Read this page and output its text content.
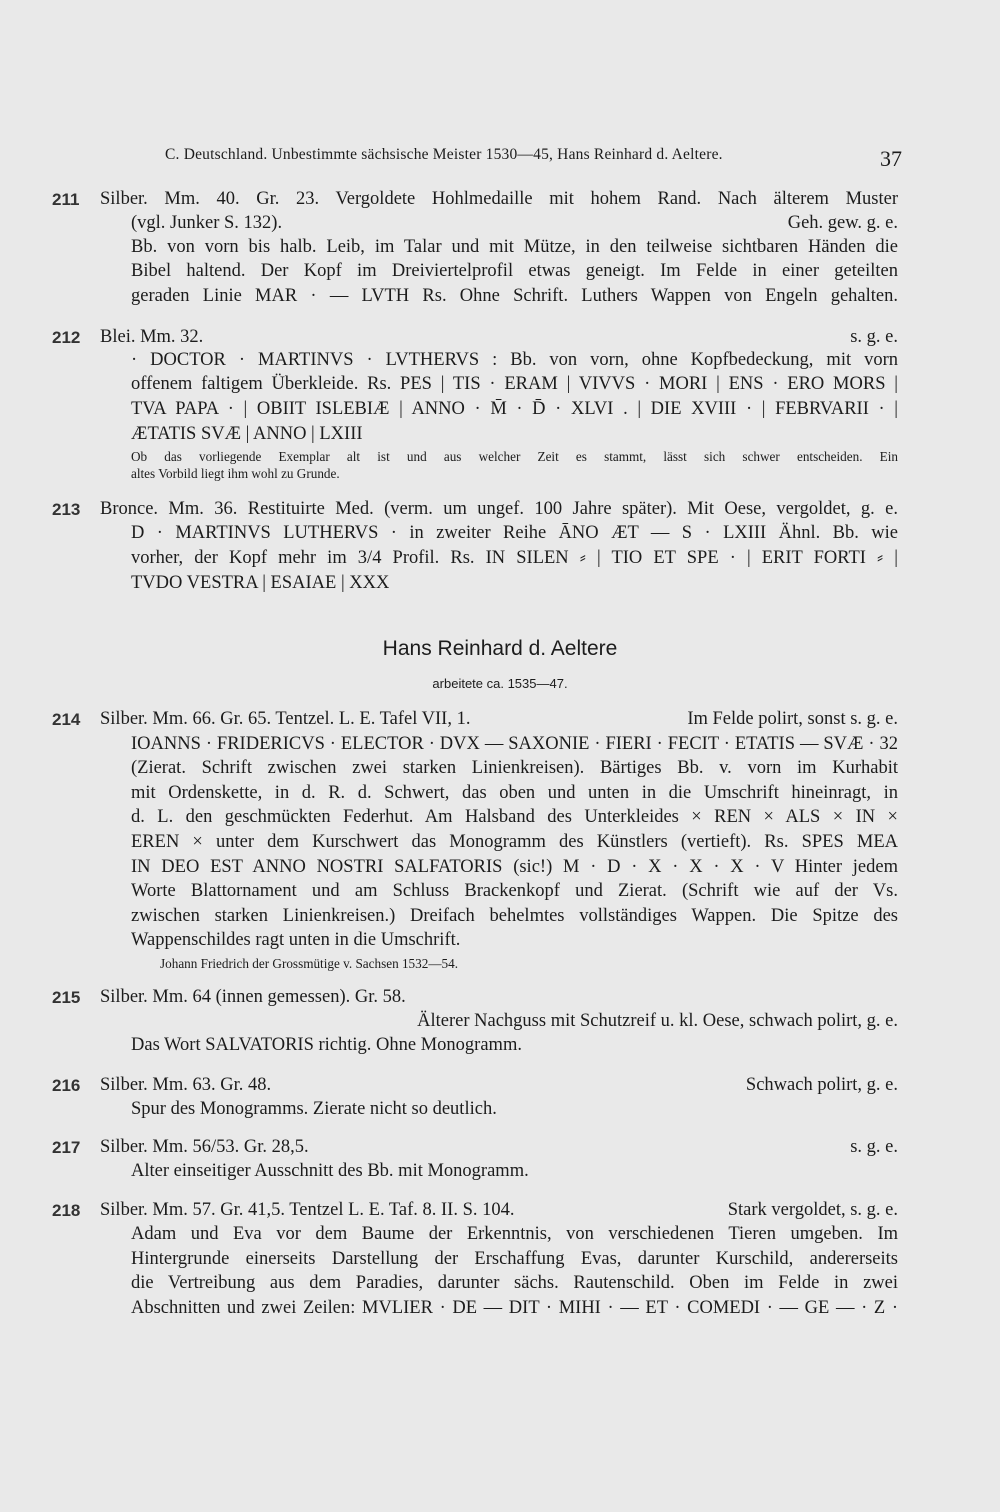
C. Deutschland. Unbestimmte sächsische Meister 1530—45, Hans Reinhard d. Aeltere.	37
211 Silber. Mm. 40. Gr. 23. Vergoldete Hohlmedaille mit hohem Rand. Nach älterem Muster
(vgl. Junker S. 132).	Geh. gew. g. e.
Bb. von vorn bis halb. Leib, im Talar und mit Mütze, in den teilweise sichtbaren Händen die
Bibel haltend. Der Kopf im Dreiviertelprofil etwas geneigt. Im Felde in einer geteilten
geraden Linie MAR · — LVTH Rs. Ohne Schrift. Luthers Wappen von Engeln gehalten.
212 Blei. Mm. 32.	s. g. e.
· DOCTOR · MARTINVS · LVTHERVS : Bb. von vorn, ohne Kopfbedeckung, mit vorn
offenem faltigem Überkleide. Rs. PES | TIS · ERAM | VIVVS · MORI | ENS · ERO MORS |
TVA PAPA · | OBIIT ISLEBIÆ | ANNO · M̄ · D̄ · XLVI . | DIE XVIII · | FEBRVARII · |
ÆTATIS SVÆ | ANNO | LXIII
Ob das vorliegende Exemplar alt ist und aus welcher Zeit es stammt, lässt sich schwer entscheiden. Ein
altes Vorbild liegt ihm wohl zu Grunde.
213 Bronce. Mm. 36. Restituirte Med. (verm. um ungef. 100 Jahre später). Mit Oese, vergoldet, g. e.
D · MARTINVS LUTHERVS · in zweiter Reihe ĀNO ÆT — S · LXIII Ähnl. Bb. wie
vorher, der Kopf mehr im 3/4 Profil. Rs. IN SILEN ⸗ | TIO ET SPE · | ERIT FORTI ⸗ |
TVDO VESTRA | ESAIAE | XXX
Hans Reinhard d. Aeltere
arbeitete ca. 1535—47.
214 Silber. Mm. 66. Gr. 65. Tentzel. L. E. Tafel VII, 1.	Im Felde polirt, sonst s. g. e.
IOANNS · FRIDERICVS · ELECTOR · DVX — SAXONIE · FIERI · FECIT · ETATIS — SVÆ · 32
(Zierat. Schrift zwischen zwei starken Linienkreisen). Bärtiges Bb. v. vorn im Kurhabit
mit Ordenskette, in d. R. d. Schwert, das oben und unten in die Umschrift hineinragt, in
d. L. den geschmückten Federhut. Am Halsband des Unterkleides × REN × ALS × IN ×
EREN × unter dem Kurschwert das Monogramm des Künstlers (vertieft). Rs. SPES MEA
IN DEO EST ANNO NOSTRI SALFATORIS (sic!) M · D · X · X · X · V Hinter jedem
Worte Blattornament und am Schluss Brackenkopf und Zierat. (Schrift wie auf der Vs.
zwischen starken Linienkreisen.) Dreifach behelmtes vollständiges Wappen. Die Spitze des
Wappenschildes ragt unten in die Umschrift.
Johann Friedrich der Grossmütige v. Sachsen 1532—54.
215 Silber. Mm. 64 (innen gemessen). Gr. 58.
Älterer Nachguss mit Schutzreif u. kl. Oese, schwach polirt, g. e.
Das Wort SALVATORIS richtig. Ohne Monogramm.
216 Silber. Mm. 63. Gr. 48.	Schwach polirt, g. e.
Spur des Monogramms. Zierate nicht so deutlich.
217 Silber. Mm. 56/53. Gr. 28,5.	s. g. e.
Alter einseitiger Ausschnitt des Bb. mit Monogramm.
218 Silber. Mm. 57. Gr. 41,5. Tentzel L. E. Taf. 8. II. S. 104.	Stark vergoldet, s. g. e.
Adam und Eva vor dem Baume der Erkenntnis, von verschiedenen Tieren umgeben. Im
Hintergrunde einerseits Darstellung der Erschaffung Evas, darunter Kurschild, andererseits
die Vertreibung aus dem Paradies, darunter sächs. Rautenschild. Oben im Felde in zwei
Abschnitten und zwei Zeilen: MVLIER · DE — DIT · MIHI · — ET · COMEDI · — GE — · Z ·
